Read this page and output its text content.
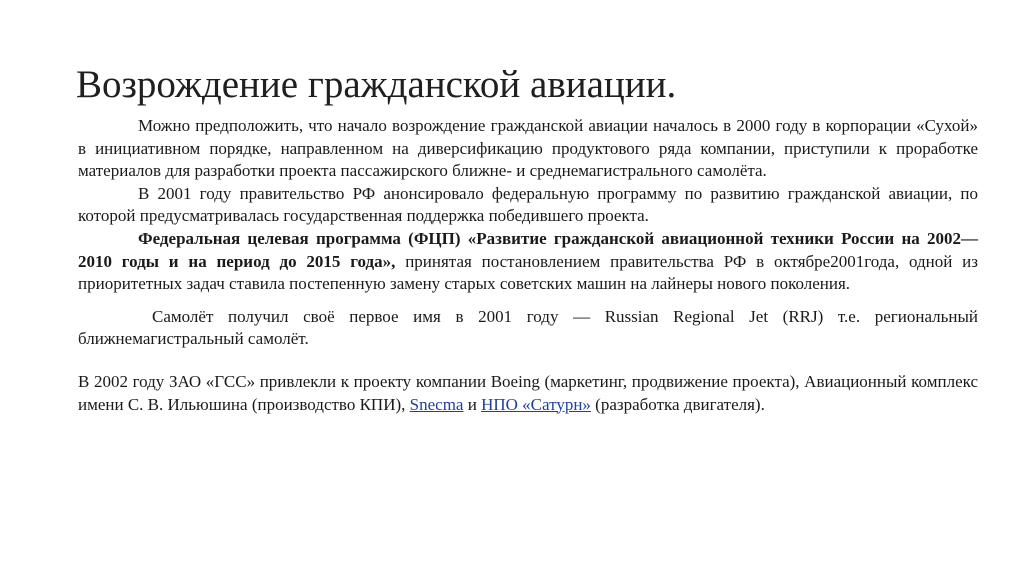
Возрождение гражданской авиации.

Можно предположить, что начало возрождение гражданской авиации началось в 2000 году в корпорации «Сухой» в инициативном порядке, направленном на диверсификацию продуктового ряда компании, приступили к проработке материалов для разработки проекта пассажирского ближне- и среднемагистрального самолёта.

В 2001 году правительство РФ анонсировало федеральную программу по развитию гражданской авиации, по которой предусматривалась государственная поддержка победившего проекта.

Федеральная целевая программа (ФЦП) «Развитие гражданской авиационной техники России на 2002—2010 годы и на период до 2015 года», принятая постановлением правительства РФ в октябре2001года, одной из приоритетных задач ставила постепенную замену старых советских машин на лайнеры нового поколения.

Самолёт получил своё первое имя в 2001 году — Russian Regional Jet (RRJ) т.е. региональный ближнемагистральный самолёт.

В 2002 году ЗАО «ГСС» привлекли к проекту компании Boeing (маркетинг, продвижение проекта), Авиационный комплекс имени С. В. Ильюшина (производство КПИ), Snecma и НПО «Сатурн» (разработка двигателя).
